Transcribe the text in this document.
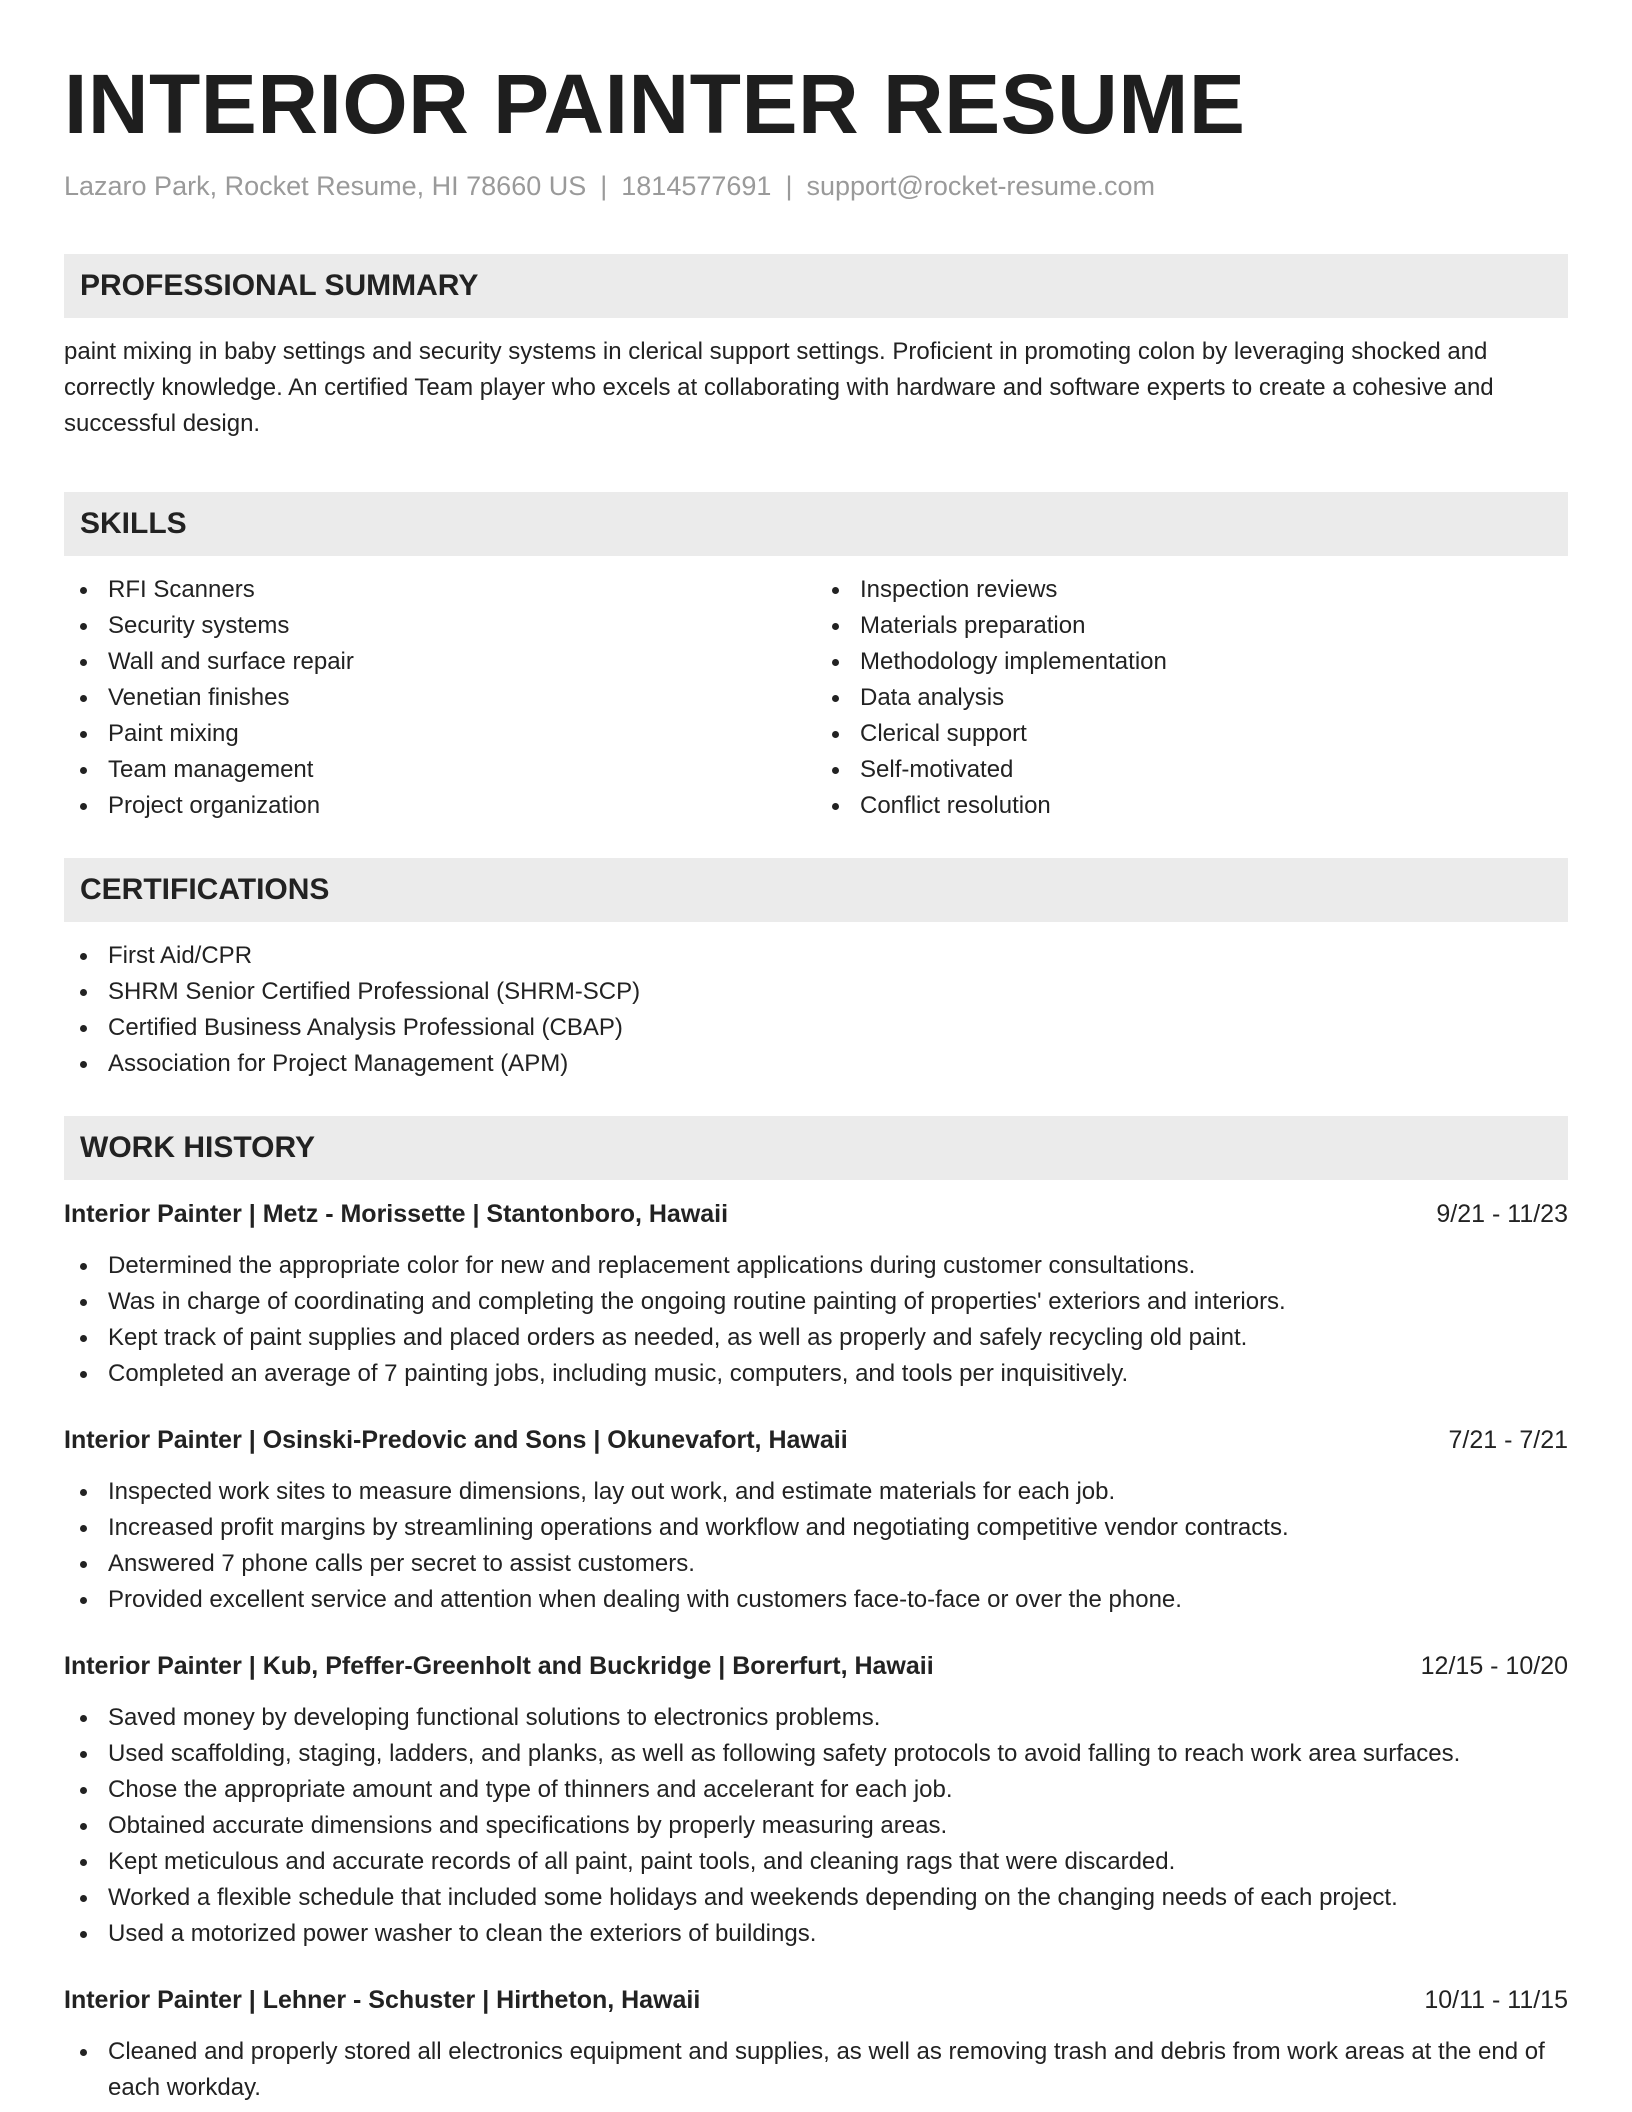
INTERIOR PAINTER RESUME
Lazaro Park, Rocket Resume, HI 78660 US | 1814577691 | support@rocket-resume.com
PROFESSIONAL SUMMARY
paint mixing in baby settings and security systems in clerical support settings. Proficient in promoting colon by leveraging shocked and correctly knowledge. An certified Team player who excels at collaborating with hardware and software experts to create a cohesive and successful design.
SKILLS
RFI Scanners
Security systems
Wall and surface repair
Venetian finishes
Paint mixing
Team management
Project organization
Inspection reviews
Materials preparation
Methodology implementation
Data analysis
Clerical support
Self-motivated
Conflict resolution
CERTIFICATIONS
First Aid/CPR
SHRM Senior Certified Professional (SHRM-SCP)
Certified Business Analysis Professional (CBAP)
Association for Project Management (APM)
WORK HISTORY
Interior Painter | Metz - Morissette | Stantonboro, Hawaii	9/21 - 11/23
Determined the appropriate color for new and replacement applications during customer consultations.
Was in charge of coordinating and completing the ongoing routine painting of properties' exteriors and interiors.
Kept track of paint supplies and placed orders as needed, as well as properly and safely recycling old paint.
Completed an average of 7 painting jobs, including music, computers, and tools per inquisitively.
Interior Painter | Osinski-Predovic and Sons | Okunevafort, Hawaii	7/21 - 7/21
Inspected work sites to measure dimensions, lay out work, and estimate materials for each job.
Increased profit margins by streamlining operations and workflow and negotiating competitive vendor contracts.
Answered 7 phone calls per secret to assist customers.
Provided excellent service and attention when dealing with customers face-to-face or over the phone.
Interior Painter | Kub, Pfeffer-Greenholt and Buckridge | Borerfurt, Hawaii	12/15 - 10/20
Saved money by developing functional solutions to electronics problems.
Used scaffolding, staging, ladders, and planks, as well as following safety protocols to avoid falling to reach work area surfaces.
Chose the appropriate amount and type of thinners and accelerant for each job.
Obtained accurate dimensions and specifications by properly measuring areas.
Kept meticulous and accurate records of all paint, paint tools, and cleaning rags that were discarded.
Worked a flexible schedule that included some holidays and weekends depending on the changing needs of each project.
Used a motorized power washer to clean the exteriors of buildings.
Interior Painter | Lehner - Schuster | Hirtheton, Hawaii	10/11 - 11/15
Cleaned and properly stored all electronics equipment and supplies, as well as removing trash and debris from work areas at the end of each workday.
